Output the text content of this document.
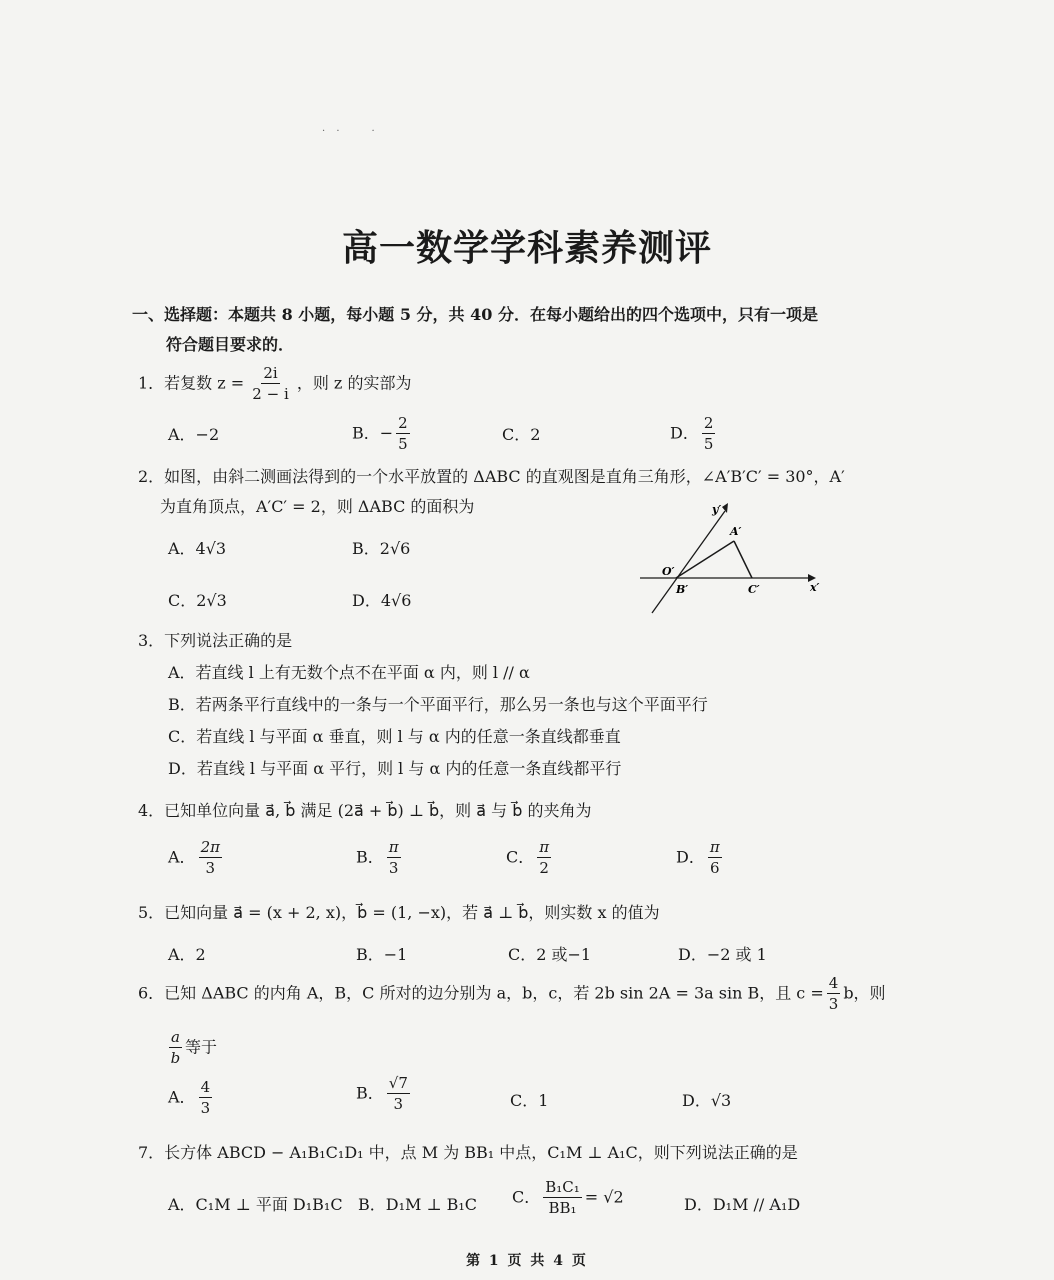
· ·　　·
高一数学学科素养测评
一、选择题：本题共 8 小题，每小题 5 分，共 40 分．在每小题给出的四个选项中，只有一项是
符合题目要求的．
1．若复数 $z = \frac{2i}{2 - i}$ ，则 z 的实部为
A．−2	B．− $\frac{2}{5}$	C．2	D． $\frac{2}{5}$
2．如图，由斜二测画法得到的一个水平放置的 ΔABC 的直观图是直角三角形，∠A′B′C′ = 30°，A′
为直角顶点，A′C′ = 2，则 ΔABC 的面积为
A．4√3	B．2√6
C．2√3	D．4√6
y′
A′
O′
B′	C′	x′
3．下列说法正确的是
A．若直线 l 上有无数个点不在平面 α 内，则 l // α
B．若两条平行直线中的一条与一个平面平行，那么另一条也与这个平面平行
C．若直线 l 与平面 α 垂直，则 l 与 α 内的任意一条直线都垂直
D．若直线 l 与平面 α 平行，则 l 与 α 内的任意一条直线都平行
4．已知单位向量 a⃗, b⃗ 满足 (2a⃗ + b⃗) ⊥ b⃗，则 a⃗ 与 b⃗ 的夹角为
A． $\frac{2\pi}{3}$	B． $\frac{\pi}{3}$	C． $\frac{\pi}{2}$	D． $\frac{\pi}{6}$
5．已知向量 a⃗ = (x + 2, x)，b⃗ = (1, −x)，若 a⃗ ⊥ b⃗，则实数 x 的值为
A．2	B．−1	C．2 或−1	D．−2 或 1
6．已知 ΔABC 的内角 A，B，C 所对的边分别为 a，b，c，若 2b sin 2A = 3a sin B，且 $c = \frac{4}{3}$ b，则
$\frac{a}{b}$ 等于
A． $\frac{4}{3}$	B． $\frac{√7}{3}$	C．1	D．√3
7．长方体 ABCD − A₁B₁C₁D₁ 中，点 M 为 BB₁ 中点，C₁M ⊥ A₁C，则下列说法正确的是
A．C₁M ⊥ 平面 D₁B₁C B．D₁M ⊥ B₁C C． $\frac{\text{B₁C₁}}{\text{BB₁}} = √2$	D．D₁M // A₁D
第 1 页 共 4 页
